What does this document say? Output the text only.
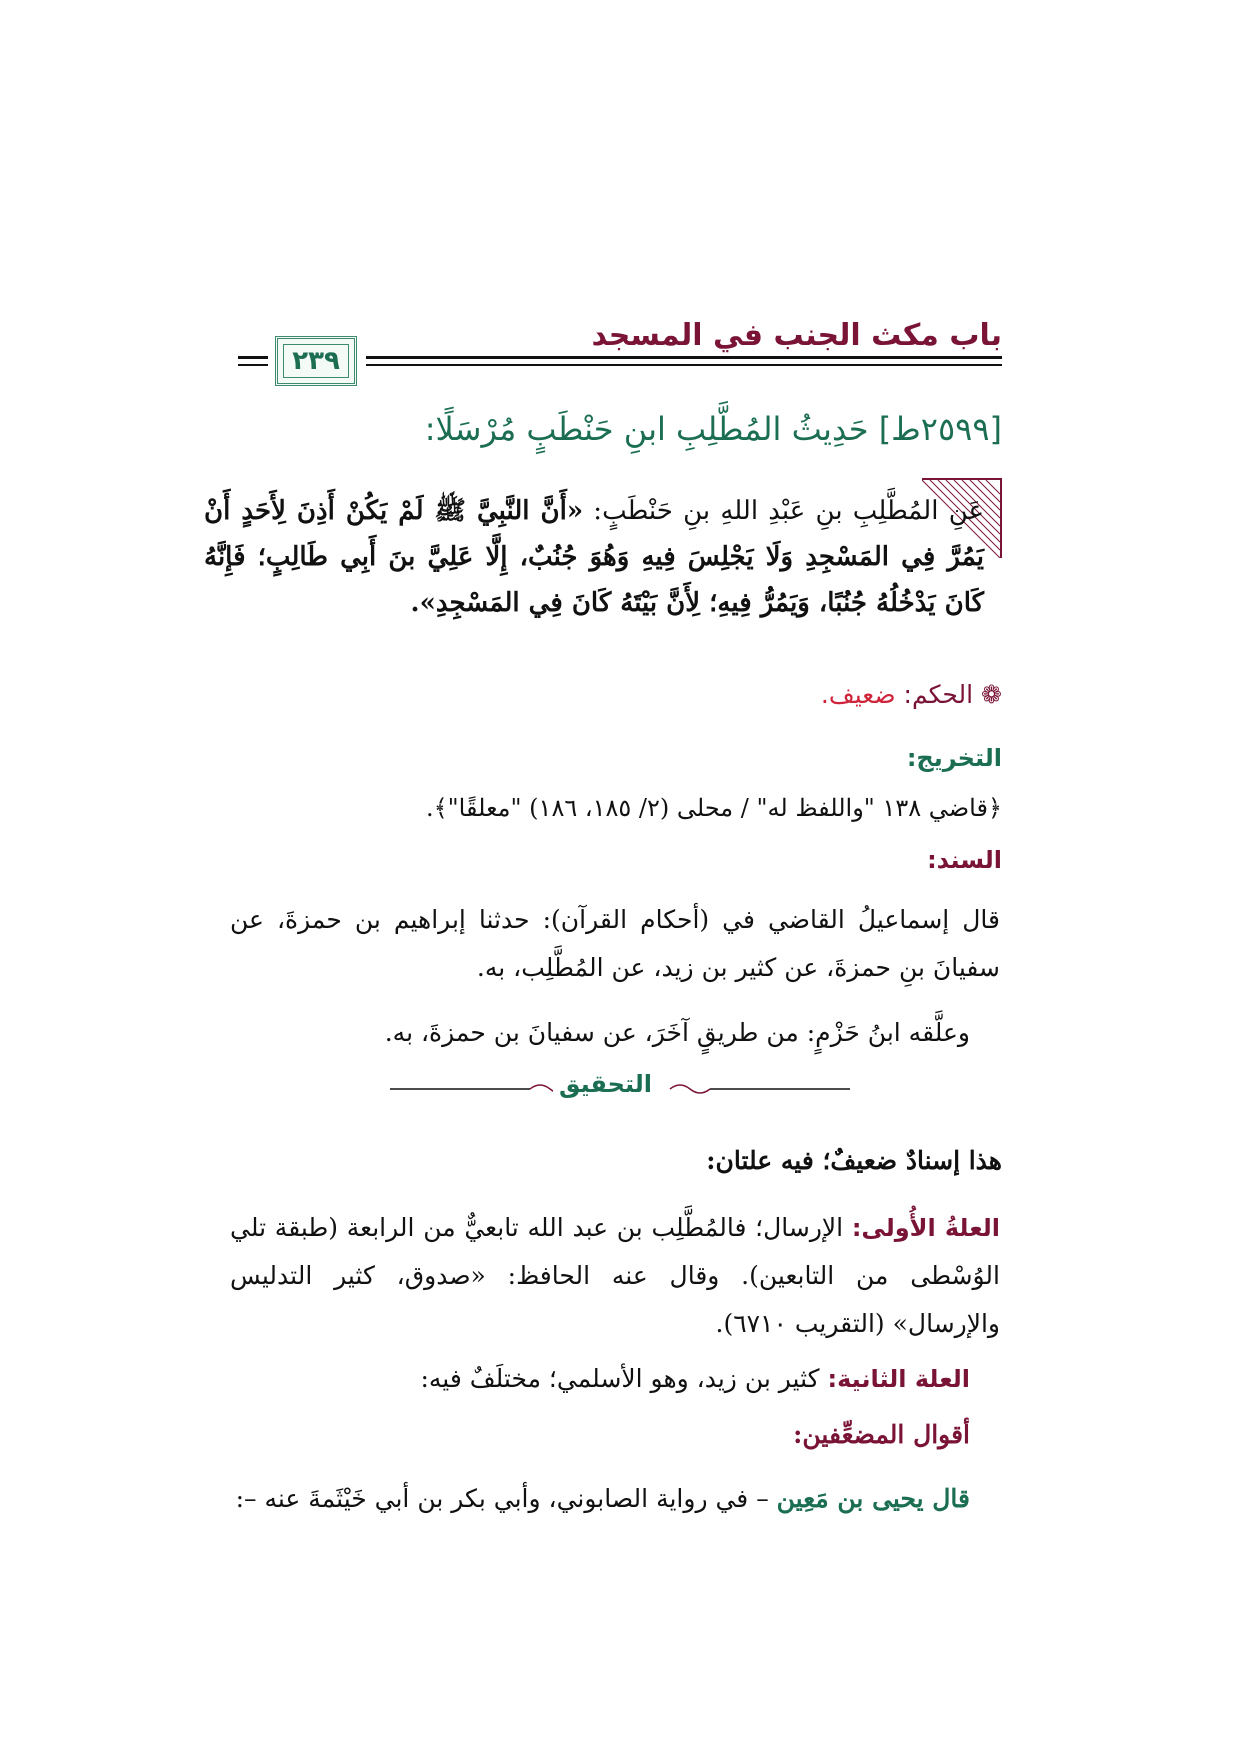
باب مكث الجنب في المسجد
٢٣٩
[٢٥٩٩ط] حَدِيثُ المُطَّلِبِ ابنِ حَنْطَبٍ مُرْسَلًا:
عَنِ المُطَّلِبِ بنِ عَبْدِ اللهِ بنِ حَنْطَبٍ: «أَنَّ النَّبِيَّ ﷺ لَمْ يَكُنْ أَذِنَ لِأَحَدٍ أَنْ يَمُرَّ فِي المَسْجِدِ وَلَا يَجْلِسَ فِيهِ وَهُوَ جُنُبٌ، إِلَّا عَلِيَّ بنَ أَبِي طَالِبٍ؛ فَإِنَّهُ كَانَ يَدْخُلُهُ جُنُبًا، وَيَمُرُّ فِيهِ؛ لِأَنَّ بَيْتَهُ كَانَ فِي المَسْجِدِ».
❁ الحكم: ضعيف.
التخريج:
﴿قاضي ١٣٨ "واللفظ له" / محلى (٢/ ١٨٥، ١٨٦) "معلقًا"﴾.
السند:
قال إسماعيلُ القاضي في (أحكام القرآن): حدثنا إبراهيم بن حمزةَ، عن سفيانَ بنِ حمزةَ، عن كثير بن زيد، عن المُطَّلِب، به.
وعلَّقه ابنُ حَزْمٍ: من طريقٍ آخَرَ، عن سفيانَ بن حمزةَ، به.
التحقيق
هذا إسنادٌ ضعيفٌ؛ فيه علتان:
العلةُ الأُولى: الإرسال؛ فالمُطَّلِب بن عبد الله تابعيٌّ من الرابعة (طبقة تلي الوُسْطى من التابعين). وقال عنه الحافظ: «صدوق، كثير التدليس والإرسال» (التقريب ٦٧١٠).
العلة الثانية: كثير بن زيد، وهو الأسلمي؛ مختلَفٌ فيه:
أقوال المضعِّفين:
قال يحيى بن مَعِين – في رواية الصابوني، وأبي بكر بن أبي خَيْثَمةَ عنه –:
